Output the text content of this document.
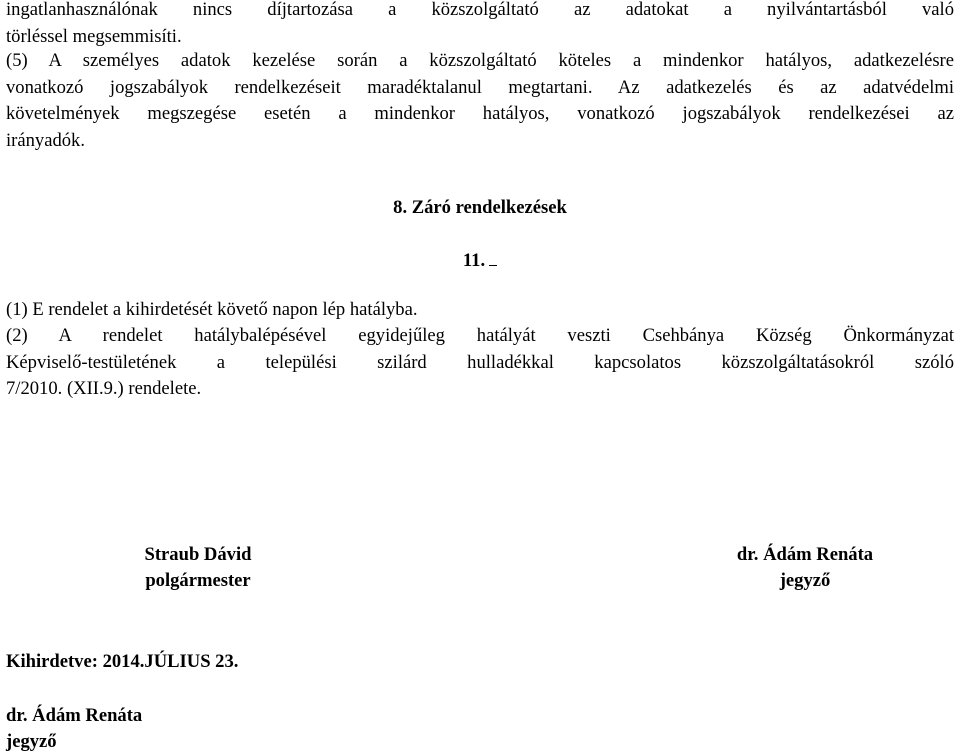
ingatlanhasználónak nincs díjtartozása a közszolgáltató az adatokat a nyilvántartásból való
törléssel megsemmisíti.
(5) A személyes adatok kezelése során a közszolgáltató köteles a mindenkor hatályos, adatkezelésre
vonatkozó jogszabályok rendelkezéseit maradéktalanul megtartani. Az adatkezelés és az adatvédelmi
követelmények megszegése esetén a mindenkor hatályos, vonatkozó jogszabályok rendelkezései az
irányadók.
8. Záró rendelkezések
11.
(1) E rendelet a kihirdetését követő napon lép hatályba.
(2) A rendelet hatálybalépésével egyidejűleg hatályát veszti Csehbánya Község Önkormányzat
Képviselő-testületének a települési szilárd hulladékkal kapcsolatos közszolgáltatásokról szóló
7/2010. (XII.9.) rendelete.
Straub Dávid
polgármester
dr. Ádám Renáta
jegyző
Kihirdetve: 2014.JÚLIUS 23.
dr. Ádám Renáta
jegyző
